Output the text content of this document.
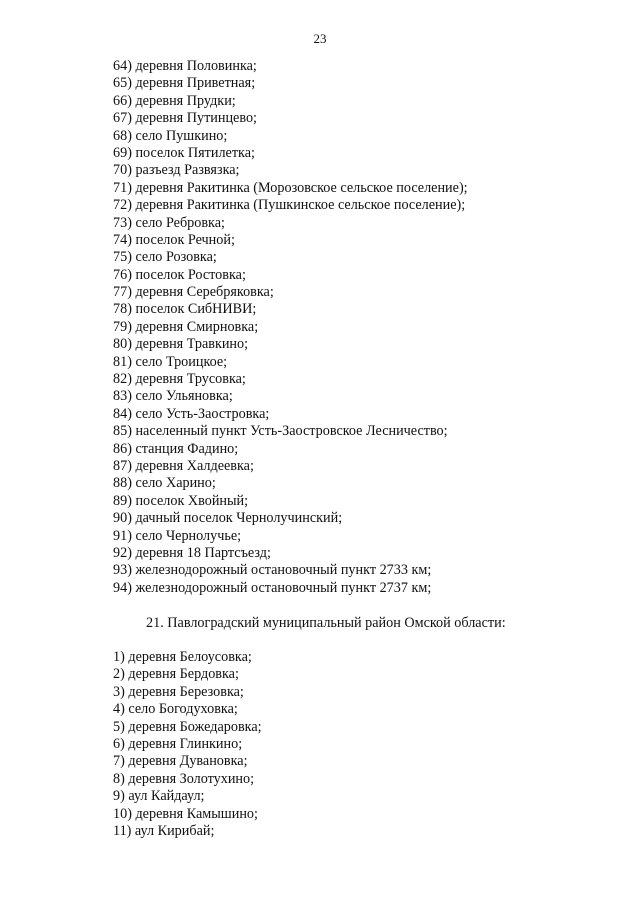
23
64) деревня Половинка;
65) деревня Приветная;
66) деревня Прудки;
67) деревня Путинцево;
68) село Пушкино;
69) поселок Пятилетка;
70) разъезд Развязка;
71) деревня Ракитинка (Морозовское сельское поселение);
72) деревня Ракитинка (Пушкинское сельское поселение);
73) село Ребровка;
74) поселок Речной;
75) село Розовка;
76) поселок Ростовка;
77) деревня Серебряковка;
78) поселок СибНИВИ;
79) деревня Смирновка;
80) деревня Травкино;
81) село Троицкое;
82) деревня Трусовка;
83) село Ульяновка;
84) село Усть-Заостровка;
85) населенный пункт Усть-Заостровское Лесничество;
86) станция Фадино;
87) деревня Халдеевка;
88) село Харино;
89) поселок Хвойный;
90) дачный поселок Чернолучинский;
91) село Чернолучье;
92) деревня 18 Партсъезд;
93) железнодорожный остановочный пункт 2733 км;
94) железнодорожный остановочный пункт 2737 км;
21. Павлоградский муниципальный район Омской области:
1) деревня Белоусовка;
2) деревня Бердовка;
3) деревня Березовка;
4) село Богодуховка;
5) деревня Божедаровка;
6) деревня Глинкино;
7) деревня Дувановка;
8) деревня Золотухино;
9) аул Кайдаул;
10) деревня Камышино;
11) аул Кирибай;
